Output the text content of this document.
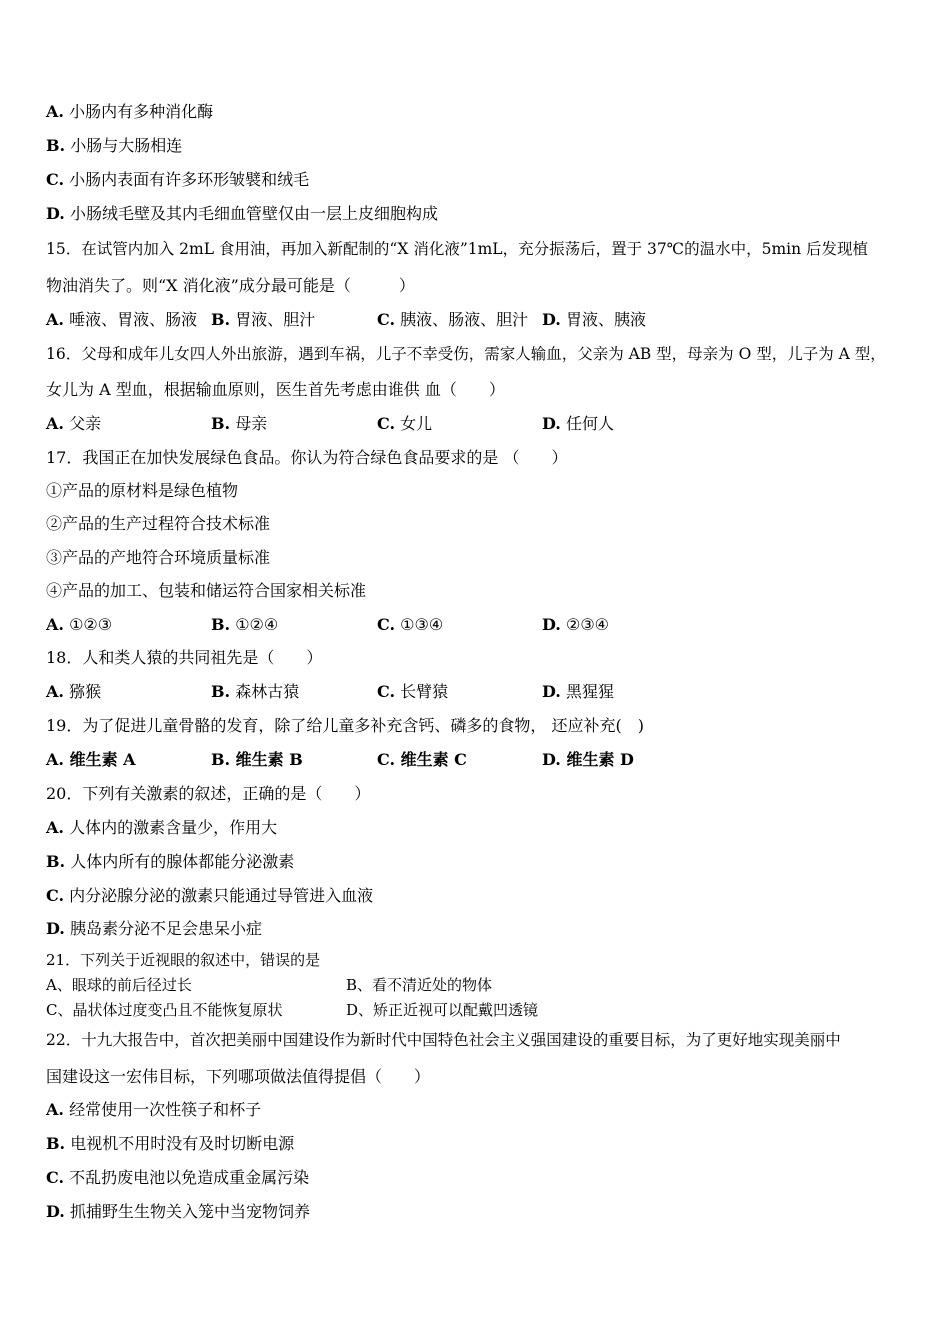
A. 小肠内有多种消化酶
B. 小肠与大肠相连
C. 小肠内表面有许多环形皱襞和绒毛
D. 小肠绒毛壁及其内毛细血管壁仅由一层上皮细胞构成
15．在试管内加入 2mL 食用油，再加入新配制的“X 消化液”1mL，充分振荡后，置于 37℃的温水中，5min 后发现植
物油消失了。则“X 消化液”成分最可能是（　　　）
A. 唾液、胃液、肠液 B. 胃液、胆汁	C. 胰液、肠液、胆汁 D. 胃液、胰液
16．父母和成年儿女四人外出旅游，遇到车祸，儿子不幸受伤，需家人输血，父亲为 AB 型，母亲为 O 型，儿子为 A 型，
女儿为 A 型血，根据输血原则，医生首先考虑由谁供 血（　　）
A. 父亲	B. 母亲	C. 女儿	D. 任何人
17．我国正在加快发展绿色食品。你认为符合绿色食品要求的是 （　　）
①产品的原材料是绿色植物
②产品的生产过程符合技术标准
③产品的产地符合环境质量标准
④产品的加工、包装和储运符合国家相关标准
A. ①②③	B. ①②④	C. ①③④	D. ②③④
18．人和类人猿的共同祖先是（　　）
A. 猕猴	B. 森林古猿	C. 长臂猿	D. 黑猩猩
19．为了促进儿童骨骼的发育，除了给儿童多补充含钙、磷多的食物， 还应补充(　)
A. 维生素 A	B. 维生素 B	C. 维生素 C	D. 维生素 D
20．下列有关激素的叙述，正确的是（　　）
A. 人体内的激素含量少，作用大
B. 人体内所有的腺体都能分泌激素
C. 内分泌腺分泌的激素只能通过导管进入血液
D. 胰岛素分泌不足会患呆小症
21．下列关于近视眼的叙述中，错误的是
A、眼球的前后径过长	B、看不清近处的物体
C、晶状体过度变凸且不能恢复原状	D、矫正近视可以配戴凹透镜
22．十九大报告中，首次把美丽中国建设作为新时代中国特色社会主义强国建设的重要目标，为了更好地实现美丽中
国建设这一宏伟目标，下列哪项做法值得提倡（　　）
A. 经常使用一次性筷子和杯子
B. 电视机不用时没有及时切断电源
C. 不乱扔废电池以免造成重金属污染
D. 抓捕野生生物关入笼中当宠物饲养
